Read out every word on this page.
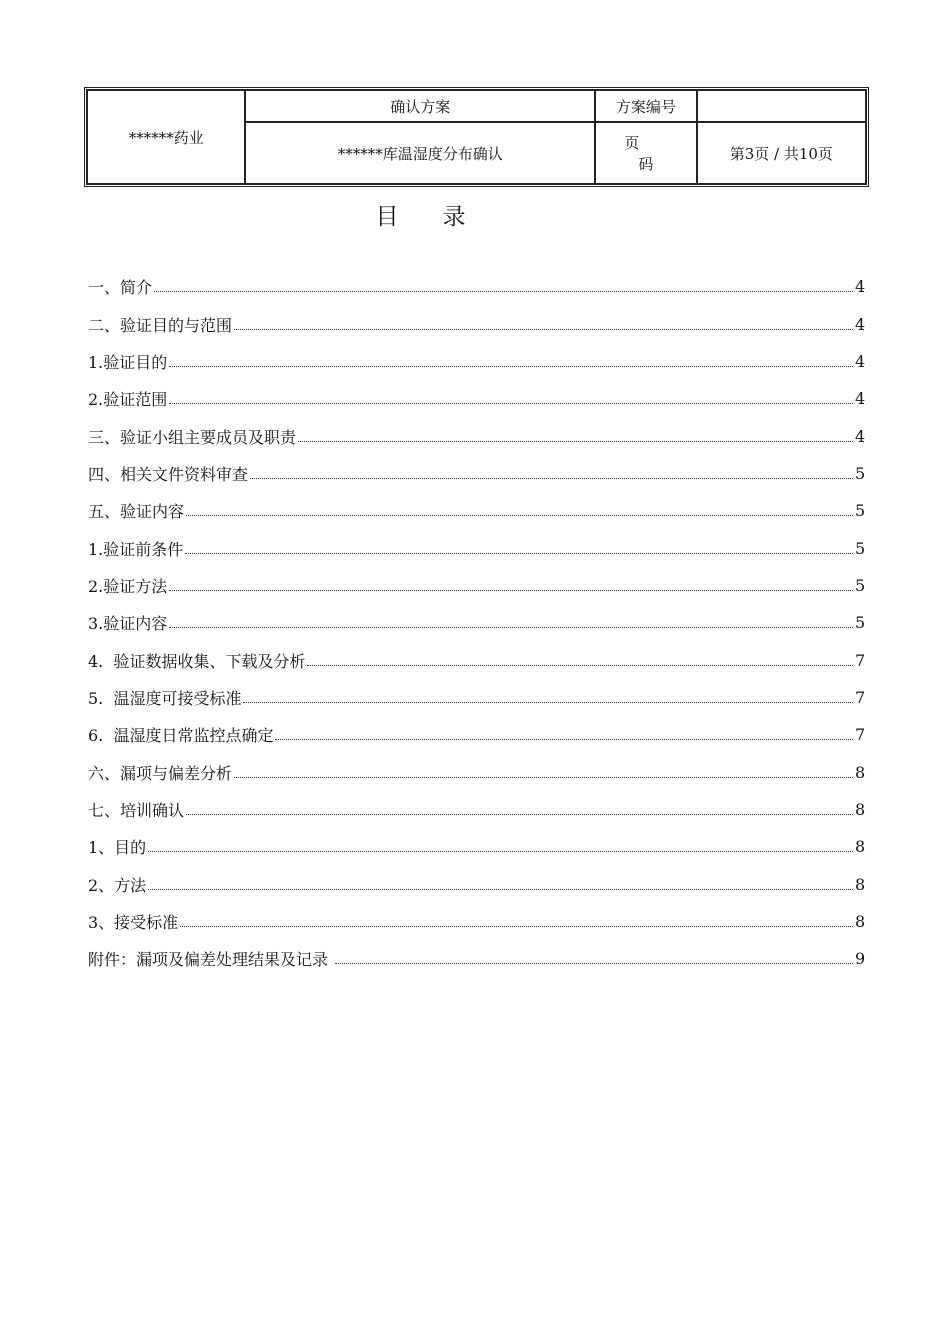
******药业	确认方案	方案编号	
	******库温湿度分布确认	页 码	第3页 / 共10页
目录
一、简介	4
二、验证目的与范围	4
1.验证目的	4
2.验证范围	4
三、验证小组主要成员及职责	4
四、相关文件资料审查	5
五、验证内容	5
1.验证前条件	5
2.验证方法	5
3.验证内容	5
4.  验证数据收集、下载及分析	7
5.  温湿度可接受标准	7
6.  温湿度日常监控点确定	7
六、漏项与偏差分析	8
七、培训确认	8
1、目的	8
2、方法	8
3、接受标准	8
附件：漏项及偏差处理结果及记录	9
